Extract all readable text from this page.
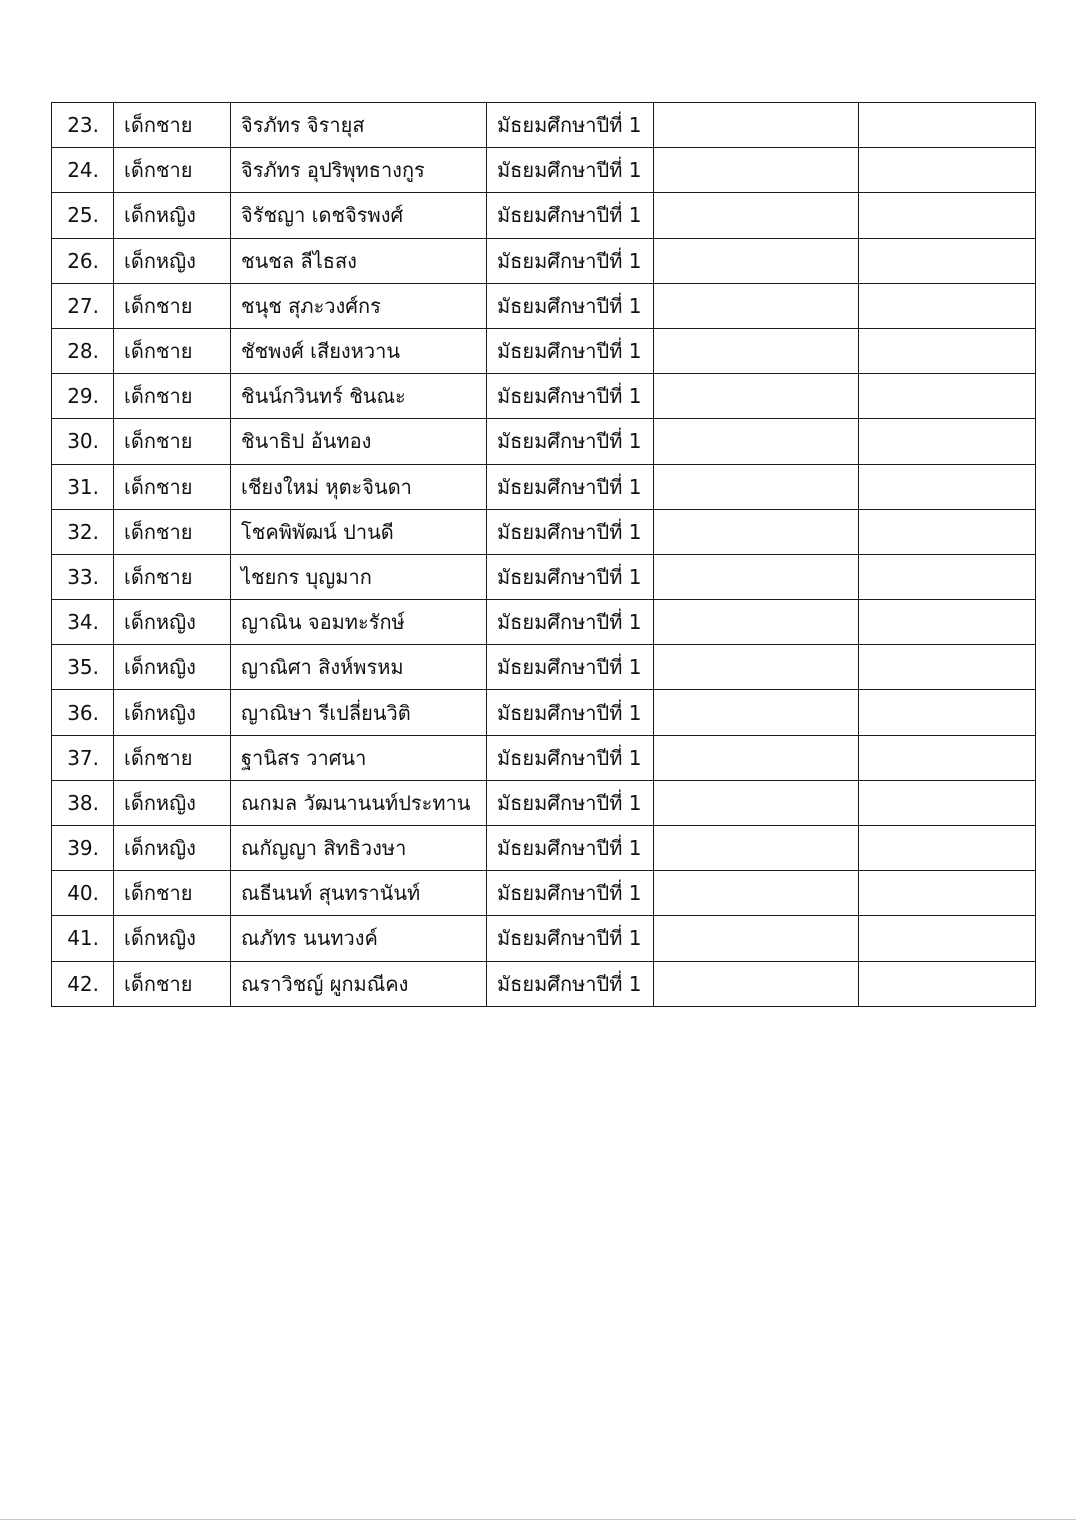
23.	เด็กชาย	จิรภัทร จิรายุส	มัธยมศึกษาปีที่ 1		
24.	เด็กชาย	จิรภัทร อุปริพุทธางกูร	มัธยมศึกษาปีที่ 1		
25.	เด็กหญิง	จิรัชญา เดชจิรพงศ์	มัธยมศึกษาปีที่ 1		
26.	เด็กหญิง	ชนชล ลีไธสง	มัธยมศึกษาปีที่ 1		
27.	เด็กชาย	ชนุช สุภะวงศ์กร	มัธยมศึกษาปีที่ 1		
28.	เด็กชาย	ชัชพงศ์ เสียงหวาน	มัธยมศึกษาปีที่ 1		
29.	เด็กชาย	ชินน์กวินทร์ ชินณะ	มัธยมศึกษาปีที่ 1		
30.	เด็กชาย	ชินาธิป อ้นทอง	มัธยมศึกษาปีที่ 1		
31.	เด็กชาย	เชียงใหม่ หุตะจินดา	มัธยมศึกษาปีที่ 1		
32.	เด็กชาย	โชคพิพัฒน์ ปานดี	มัธยมศึกษาปีที่ 1		
33.	เด็กชาย	ไชยกร บุญมาก	มัธยมศึกษาปีที่ 1		
34.	เด็กหญิง	ญาณิน จอมทะรักษ์	มัธยมศึกษาปีที่ 1		
35.	เด็กหญิง	ญาณิศา สิงห์พรหม	มัธยมศึกษาปีที่ 1		
36.	เด็กหญิง	ญาณิษา รีเปลี่ยนวิติ	มัธยมศึกษาปีที่ 1		
37.	เด็กชาย	ฐานิสร วาศนา	มัธยมศึกษาปีที่ 1		
38.	เด็กหญิง	ณกมล วัฒนานนท์ประทาน	มัธยมศึกษาปีที่ 1		
39.	เด็กหญิง	ณกัญญา สิทธิวงษา	มัธยมศึกษาปีที่ 1		
40.	เด็กชาย	ณธีนนท์ สุนทรานันท์	มัธยมศึกษาปีที่ 1		
41.	เด็กหญิง	ณภัทร นนทวงค์	มัธยมศึกษาปีที่ 1		
42.	เด็กชาย	ณราวิชญ์ ผูกมณีคง	มัธยมศึกษาปีที่ 1		
